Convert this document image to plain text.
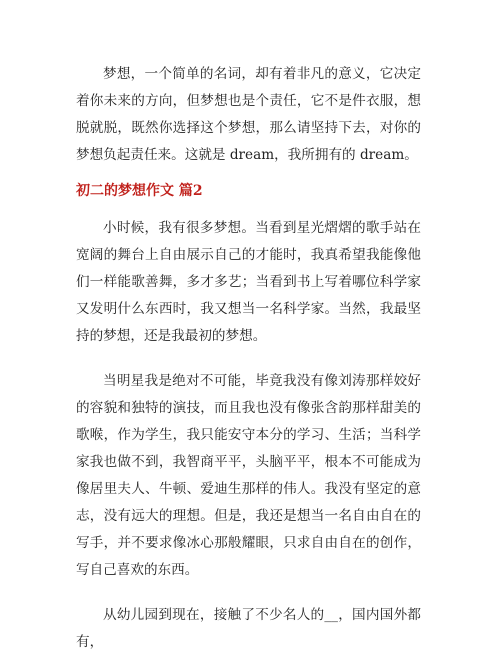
梦想，一个简单的名词，却有着非凡的意义，它决定着你未来的方向，但梦想也是个责任，它不是件衣服，想脱就脱，既然你选择这个梦想，那么请坚持下去，对你的梦想负起责任来。这就是 dream，我所拥有的 dream。

初二的梦想作文 篇2

小时候，我有很多梦想。当看到星光熠熠的歌手站在宽阔的舞台上自由展示自己的才能时，我真希望我能像他们一样能歌善舞，多才多艺；当看到书上写着哪位科学家又发明什么东西时，我又想当一名科学家。当然，我最坚持的梦想，还是我最初的梦想。

当明星我是绝对不可能，毕竟我没有像刘涛那样姣好的容貌和独特的演技，而且我也没有像张含韵那样甜美的歌喉，作为学生，我只能安守本分的学习、生活；当科学家我也做不到，我智商平平，头脑平平，根本不可能成为像居里夫人、牛顿、爱迪生那样的伟人。我没有坚定的意志，没有远大的理想。但是，我还是想当一名自由自在的写手，并不要求像冰心那般耀眼，只求自由自在的创作，写自己喜欢的东西。

从幼儿园到现在，接触了不少名人的__，国内国外都有，
